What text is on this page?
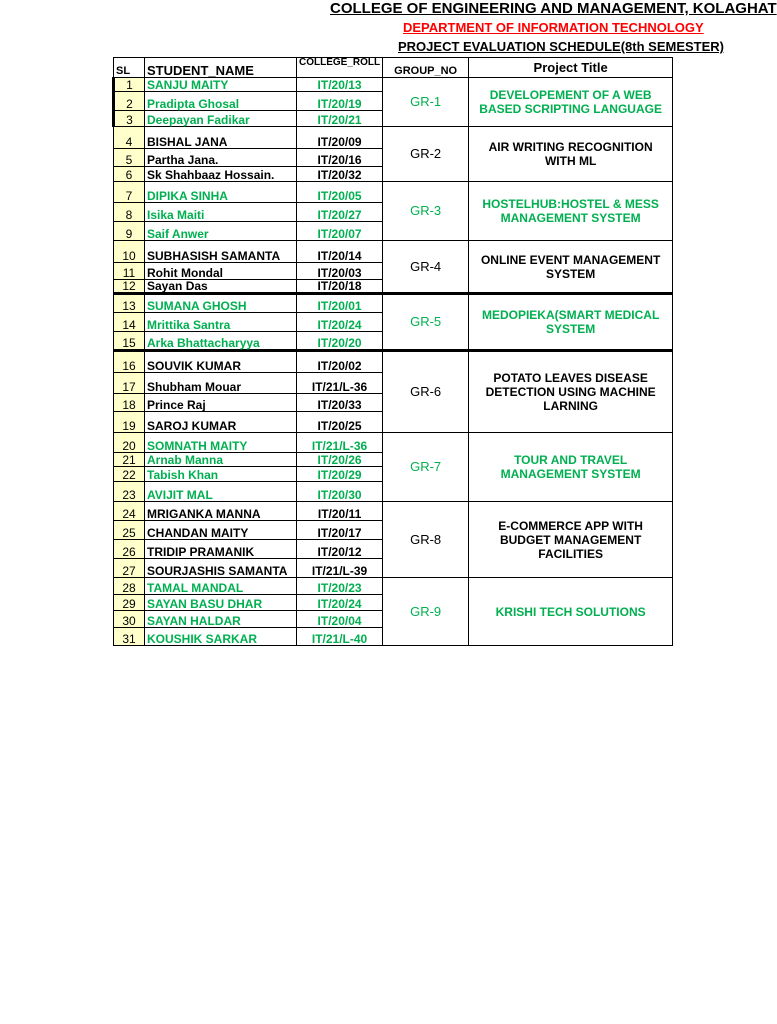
COLLEGE OF ENGINEERING AND MANAGEMENT, KOLAGHAT
DEPARTMENT OF INFORMATION TECHNOLOGY
PROJECT EVALUATION SCHEDULE(8th SEMESTER)
SL	STUDENT_NAME	COLLEGE_ROLL	GROUP_NO	Project Title
1	SANJU MAITY	IT/20/13	GR-1	DEVELOPEMENT OF A WEB BASED SCRIPTING LANGUAGE
2	Pradipta Ghosal	IT/20/19		
3	Deepayan Fadikar	IT/20/21		
4	BISHAL JANA	IT/20/09	GR-2	AIR WRITING RECOGNITION WITH ML
5	Partha Jana.	IT/20/16		
6	Sk Shahbaaz Hossain.	IT/20/32		
7	DIPIKA SINHA	IT/20/05	GR-3	HOSTELHUB:HOSTEL & MESS MANAGEMENT SYSTEM
8	Isika Maiti	IT/20/27		
9	Saif Anwer	IT/20/07		
10	SUBHASISH SAMANTA	IT/20/14	GR-4	ONLINE EVENT MANAGEMENT SYSTEM
11	Rohit Mondal	IT/20/03		
12	Sayan Das	IT/20/18		
13	SUMANA GHOSH	IT/20/01	GR-5	MEDOPIEKA(SMART MEDICAL SYSTEM
14	Mrittika Santra	IT/20/24		
15	Arka Bhattacharyya	IT/20/20		
16	SOUVIK KUMAR	IT/20/02	GR-6	POTATO LEAVES DISEASE DETECTION USING MACHINE LARNING
17	Shubham Mouar	IT/21/L-36		
18	Prince Raj	IT/20/33		
19	SAROJ KUMAR	IT/20/25		
20	SOMNATH MAITY	IT/21/L-36	GR-7	TOUR AND TRAVEL MANAGEMENT SYSTEM
21	Arnab Manna	IT/20/26		
22	Tabish Khan	IT/20/29		
23	AVIJIT MAL	IT/20/30		
24	MRIGANKA MANNA	IT/20/11	GR-8	E-COMMERCE APP WITH BUDGET MANAGEMENT FACILITIES
25	CHANDAN MAITY	IT/20/17		
26	TRIDIP PRAMANIK	IT/20/12		
27	SOURJASHIS SAMANTA	IT/21/L-39		
28	TAMAL MANDAL	IT/20/23	GR-9	KRISHI TECH SOLUTIONS
29	SAYAN BASU DHAR	IT/20/24		
30	SAYAN HALDAR	IT/20/04		
31	KOUSHIK SARKAR	IT/21/L-40		
